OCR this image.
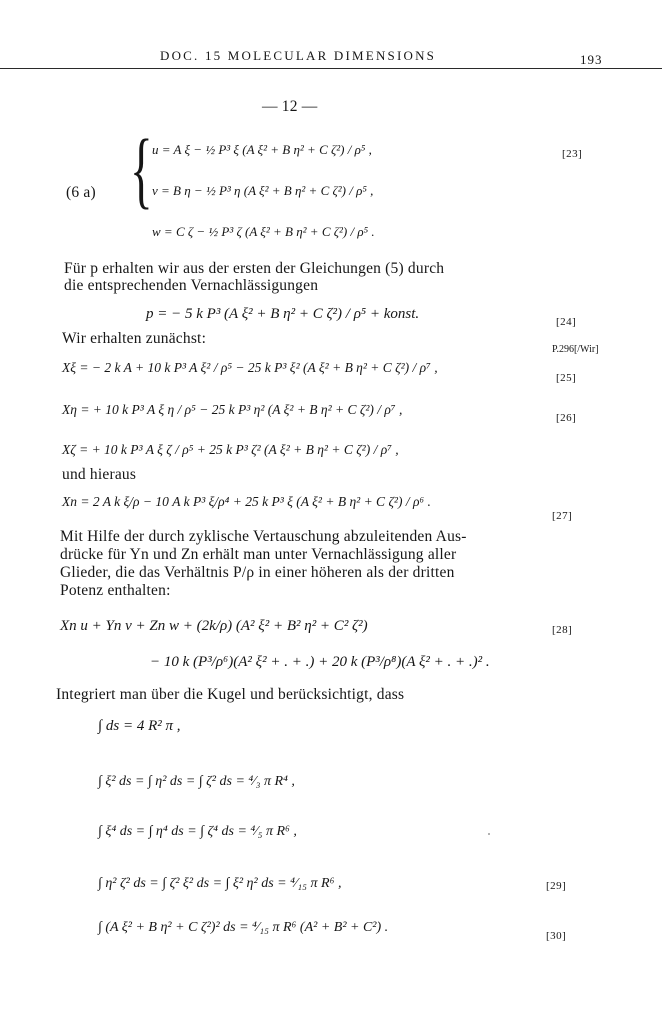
DOC. 15 MOLECULAR DIMENSIONS	193
— 12 —
{
(6 a)
u = A ξ − ½ P³ ξ (A ξ² + B η² + C ζ²) / ρ⁵ ,
v = B η − ½ P³ η (A ξ² + B η² + C ζ²) / ρ⁵ ,
w = C ζ − ½ P³ ζ (A ξ² + B η² + C ζ²) / ρ⁵ .
[23]
Für p erhalten wir aus der ersten der Gleichungen (5) durch
die entsprechenden Vernachlässigungen
p = − 5 k P³ (A ξ² + B η² + C ζ²) / ρ⁵ + konst.	[24]
Wir erhalten zunächst:
P.296[/Wir]
Xξ = − 2 k A + 10 k P³ A ξ² / ρ⁵ − 25 k P³ ξ² (A ξ² + B η² + C ζ²) / ρ⁷ ,
[25]
Xη = + 10 k P³ A ξ η / ρ⁵ − 25 k P³ η² (A ξ² + B η² + C ζ²) / ρ⁷ ,
[26]
Xζ = + 10 k P³ A ξ ζ / ρ⁵ + 25 k P³ ζ² (A ξ² + B η² + C ζ²) / ρ⁷ ,
und hieraus
Xn = 2 A k ξ/ρ − 10 A k P³ ξ/ρ⁴ + 25 k P³ ξ (A ξ² + B η² + C ζ²) / ρ⁶ .
[27]
Mit Hilfe der durch zyklische Vertauschung abzuleitenden Aus-
drücke für Yn und Zn erhält man unter Vernachlässigung aller
Glieder, die das Verhältnis P/ρ in einer höheren als der dritten
Potenz enthalten:
Xn u + Yn v + Zn w + (2k/ρ) (A² ξ² + B² η² + C² ζ²)	[28]
− 10 k (P³/ρ⁶)(A² ξ² + . + .) + 20 k (P³/ρ⁸)(A ξ² + . + .)² .
Integriert man über die Kugel und berücksichtigt, dass
∫ ds = 4 R² π ,
∫ ξ² ds = ∫ η² ds = ∫ ζ² ds = ⁴⁄₃ π R⁴ ,
∫ ξ⁴ ds = ∫ η⁴ ds = ∫ ζ⁴ ds = ⁴⁄₅ π R⁶ ,
∫ η² ζ² ds = ∫ ζ² ξ² ds = ∫ ξ² η² ds = ⁴⁄₁₅ π R⁶ ,	[29]
∫ (A ξ² + B η² + C ζ²)² ds = ⁴⁄₁₅ π R⁶ (A² + B² + C²) .
[30]
